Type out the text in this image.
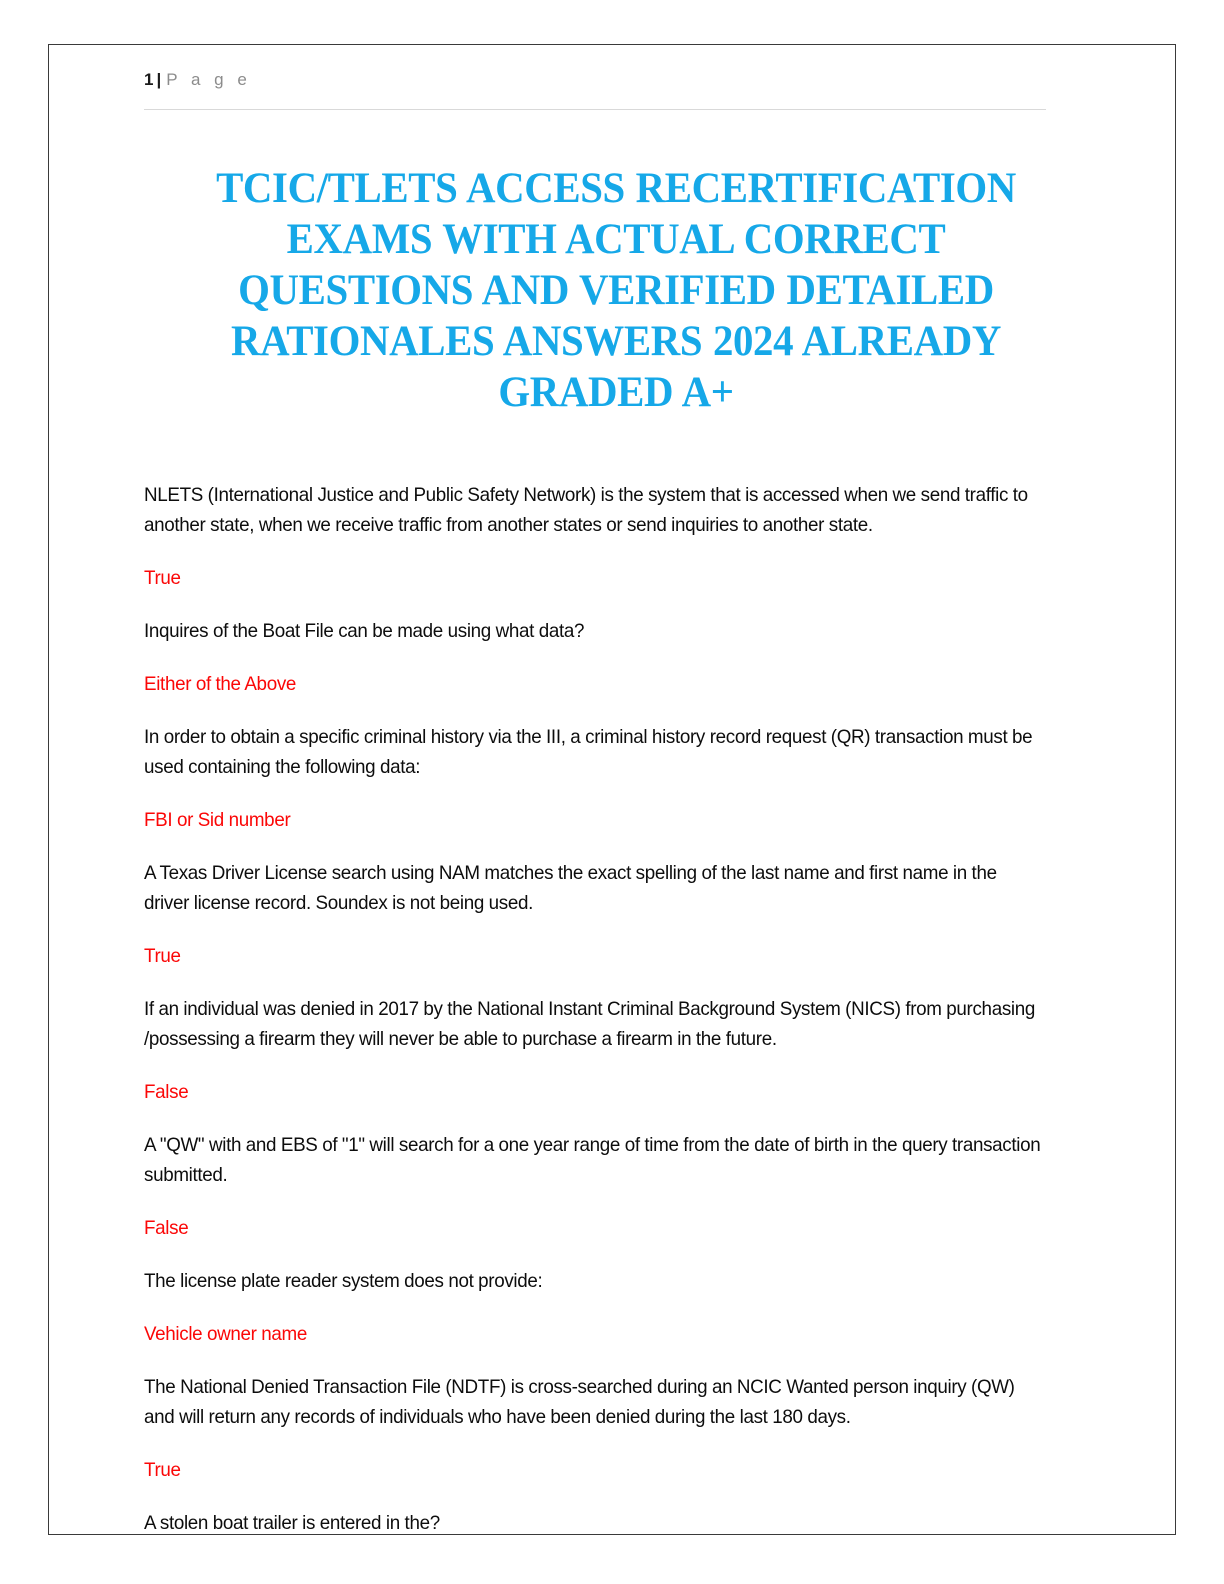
1 | P a g e
TCIC/TLETS ACCESS RECERTIFICATION EXAMS WITH ACTUAL CORRECT QUESTIONS AND VERIFIED DETAILED RATIONALES ANSWERS 2024 ALREADY GRADED A+

NLETS (International Justice and Public Safety Network) is the system that is accessed when we send traffic to another state, when we receive traffic from another states or send inquiries to another state.

True

Inquires of the Boat File can be made using what data?

Either of the Above

In order to obtain a specific criminal history via the III, a criminal history record request (QR) transaction must be used containing the following data:

FBI or Sid number

A Texas Driver License search using NAM matches the exact spelling of the last name and first name in the driver license record. Soundex is not being used.

True

If an individual was denied in 2017 by the National Instant Criminal Background System (NICS) from purchasing /possessing a firearm they will never be able to purchase a firearm in the future.

False

A "QW" with and EBS of "1" will search for a one year range of time from the date of birth in the query transaction submitted.

False

The license plate reader system does not provide:

Vehicle owner name

The National Denied Transaction File (NDTF) is cross-searched during an NCIC Wanted person inquiry (QW) and will return any records of individuals who have been denied during the last 180 days.

True

A stolen boat trailer is entered in the?
